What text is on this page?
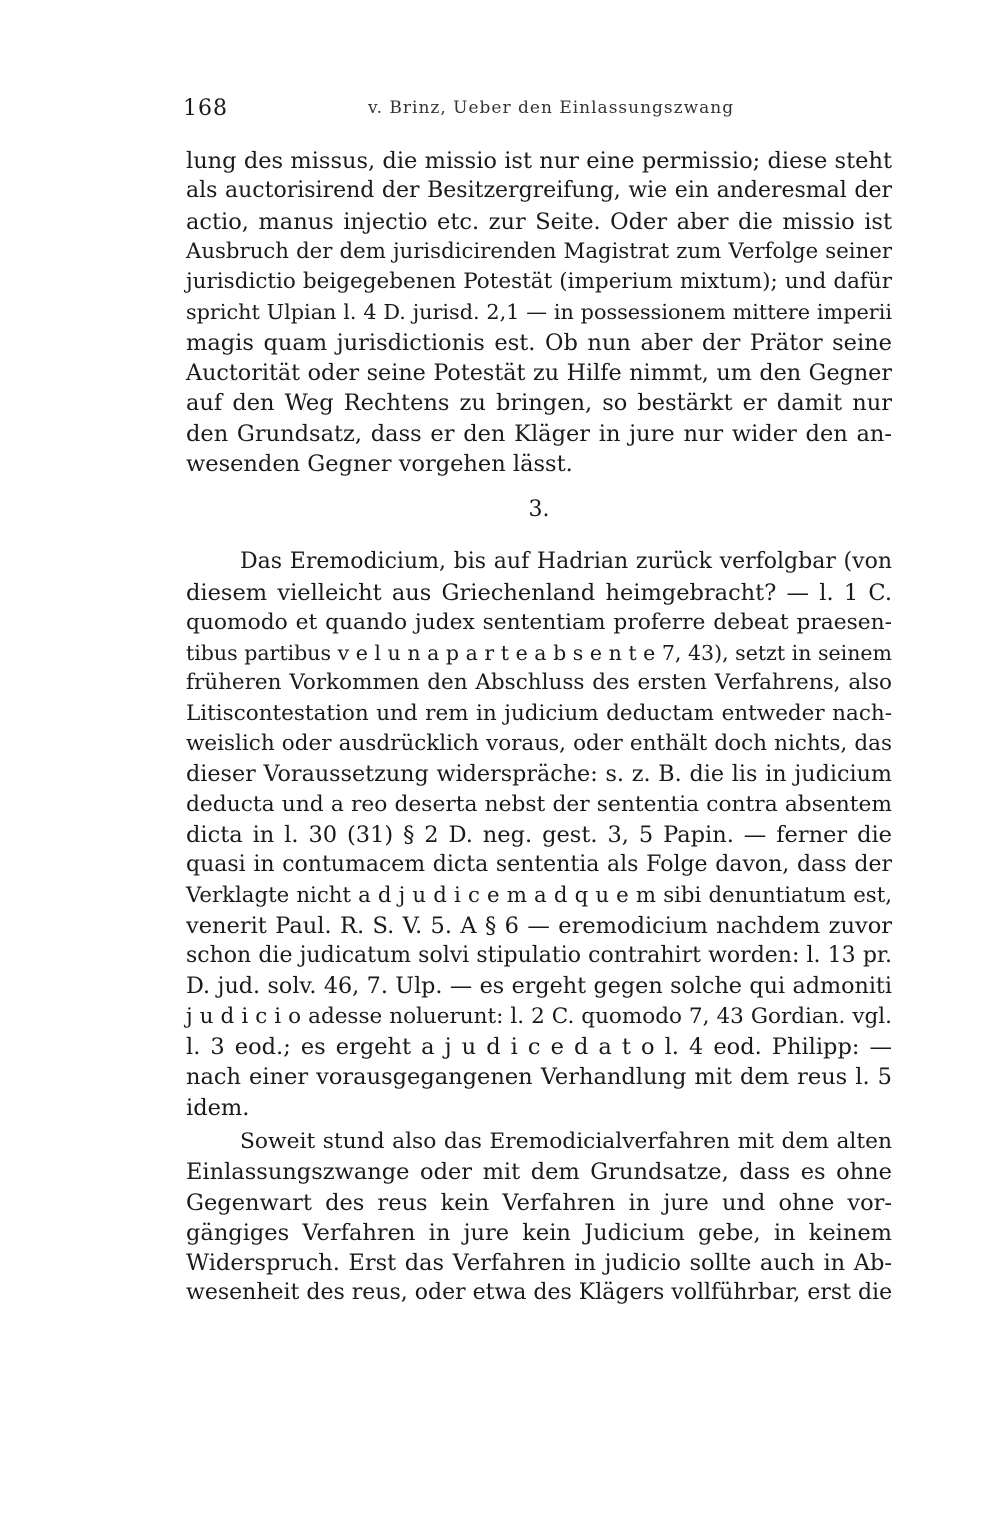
168	v. Brinz, Ueber den Einlassungszwang
lung des missus, die missio ist nur eine permissio; diese steht
als auctorisirend der Besitzergreifung, wie ein anderesmal der
actio, manus injectio etc. zur Seite. Oder aber die missio ist
Ausbruch der dem jurisdicirenden Magistrat zum Verfolge seiner
jurisdictio beigegebenen Potestät (imperium mixtum); und dafür
spricht Ulpian l. 4 D. jurisd. 2,1 — in possessionem mittere imperii
magis quam jurisdictionis est. Ob nun aber der Prätor seine
Auctorität oder seine Potestät zu Hilfe nimmt, um den Gegner
auf den Weg Rechtens zu bringen, so bestärkt er damit nur
den Grundsatz, dass er den Kläger in jure nur wider den an-
wesenden Gegner vorgehen lässt.
3.
Das Eremodicium, bis auf Hadrian zurück verfolgbar (von
diesem vielleicht aus Griechenland heimgebracht? — l. 1 C.
quomodo et quando judex sententiam proferre debeat praesen-
tibus partibus v e l u n a p a r t e a b s e n t e 7, 43), setzt in seinem
früheren Vorkommen den Abschluss des ersten Verfahrens, also
Litiscontestation und rem in judicium deductam entweder nach-
weislich oder ausdrücklich voraus, oder enthält doch nichts, das
dieser Voraussetzung widerspräche: s. z. B. die lis in judicium
deducta und a reo deserta nebst der sententia contra absentem
dicta in l. 30 (31) § 2 D. neg. gest. 3, 5 Papin. — ferner die
quasi in contumacem dicta sententia als Folge davon, dass der
Verklagte nicht a d j u d i c e m a d q u e m sibi denuntiatum est,
venerit Paul. R. S. V. 5. A § 6 — eremodicium nachdem zuvor
schon die judicatum solvi stipulatio contrahirt worden: l. 13 pr.
D. jud. solv. 46, 7. Ulp. — es ergeht gegen solche qui admoniti
j u d i c i o adesse noluerunt: l. 2 C. quomodo 7, 43 Gordian. vgl.
l. 3 eod.; es ergeht a j u d i c e d a t o l. 4 eod. Philipp: —
nach einer vorausgegangenen Verhandlung mit dem reus l. 5
idem.
Soweit stund also das Eremodicialverfahren mit dem alten
Einlassungszwange oder mit dem Grundsatze, dass es ohne
Gegenwart des reus kein Verfahren in jure und ohne vor-
gängiges Verfahren in jure kein Judicium gebe, in keinem
Widerspruch. Erst das Verfahren in judicio sollte auch in Ab-
wesenheit des reus, oder etwa des Klägers vollführbar, erst die
